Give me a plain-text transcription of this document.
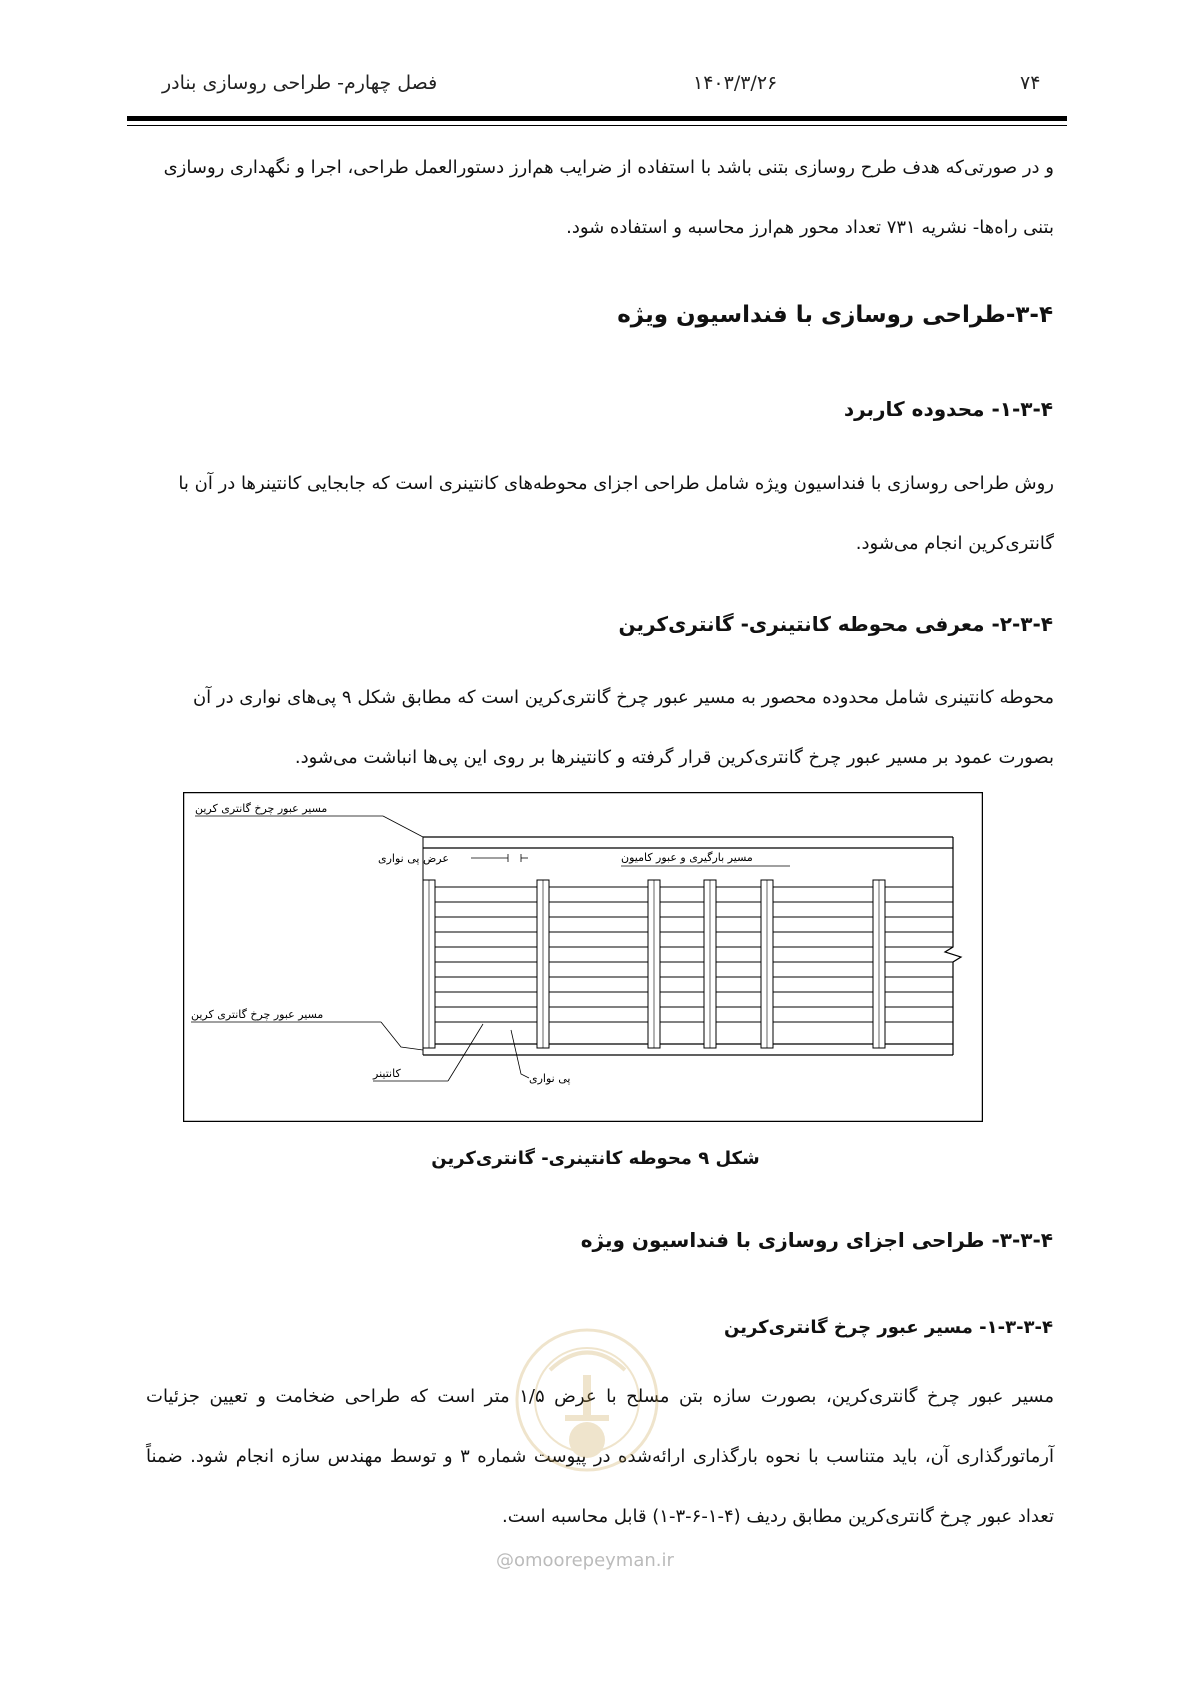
فصل چهارم- طراحی روسازی بنادر	۱۴۰۳/۳/۲۶	۷۴

و در صورتی‌که هدف طرح روسازی بتنی باشد با استفاده از ضرایب هم‌ارز دستورالعمل طراحی، اجرا و نگهداری روسازی بتنی راه‌ها- نشریه ۷۳۱ تعداد محور هم‌ارز محاسبه و استفاده شود.

۳-۴-طراحی روسازی با فنداسیون ویژه
۱-۳-۴- محدوده کاربرد

روش طراحی روسازی با فنداسیون ویژه شامل طراحی اجزای محوطه‌های کانتینری است که جابجایی کانتینرها در آن با گانتری‌کرین انجام می‌شود.

۲-۳-۴- معرفی محوطه کانتینری- گانتری‌کرین

محوطه کانتینری شامل محدوده محصور به مسیر عبور چرخ گانتری‌کرین است که مطابق شکل ۹ پی‌های نواری در آن بصورت عمود بر مسیر عبور چرخ گانتری‌کرین قرار گرفته و کانتینرها بر روی این پی‌ها انباشت می‌شود.

مسیر عبور چرخ گانتری کرین
عرض پی نواری	مسیر بارگیری و عبور کامیون
مسیر عبور چرخ گانتری کرین
کانتینر	پی نواری

شکل ۹ محوطه کانتینری- گانتری‌کرین

۳-۳-۴- طراحی اجزای روسازی با فنداسیون ویژه
۱-۳-۳-۴- مسیر عبور چرخ گانتری‌کرین

مسیر عبور چرخ گانتری‌کرین، بصورت سازه بتن مسلح با عرض ۱/۵ متر است که طراحی ضخامت و تعیین جزئیات آرماتورگذاری آن، باید متناسب با نحوه بارگذاری ارائه‌شده در پیوست شماره ۳ و توسط مهندس سازه انجام شود. ضمناً تعداد عبور چرخ گانتری‌کرین مطابق ردیف (۴-۱-۶-۳-۱) قابل محاسبه است.

@omoorepeyman.ir
